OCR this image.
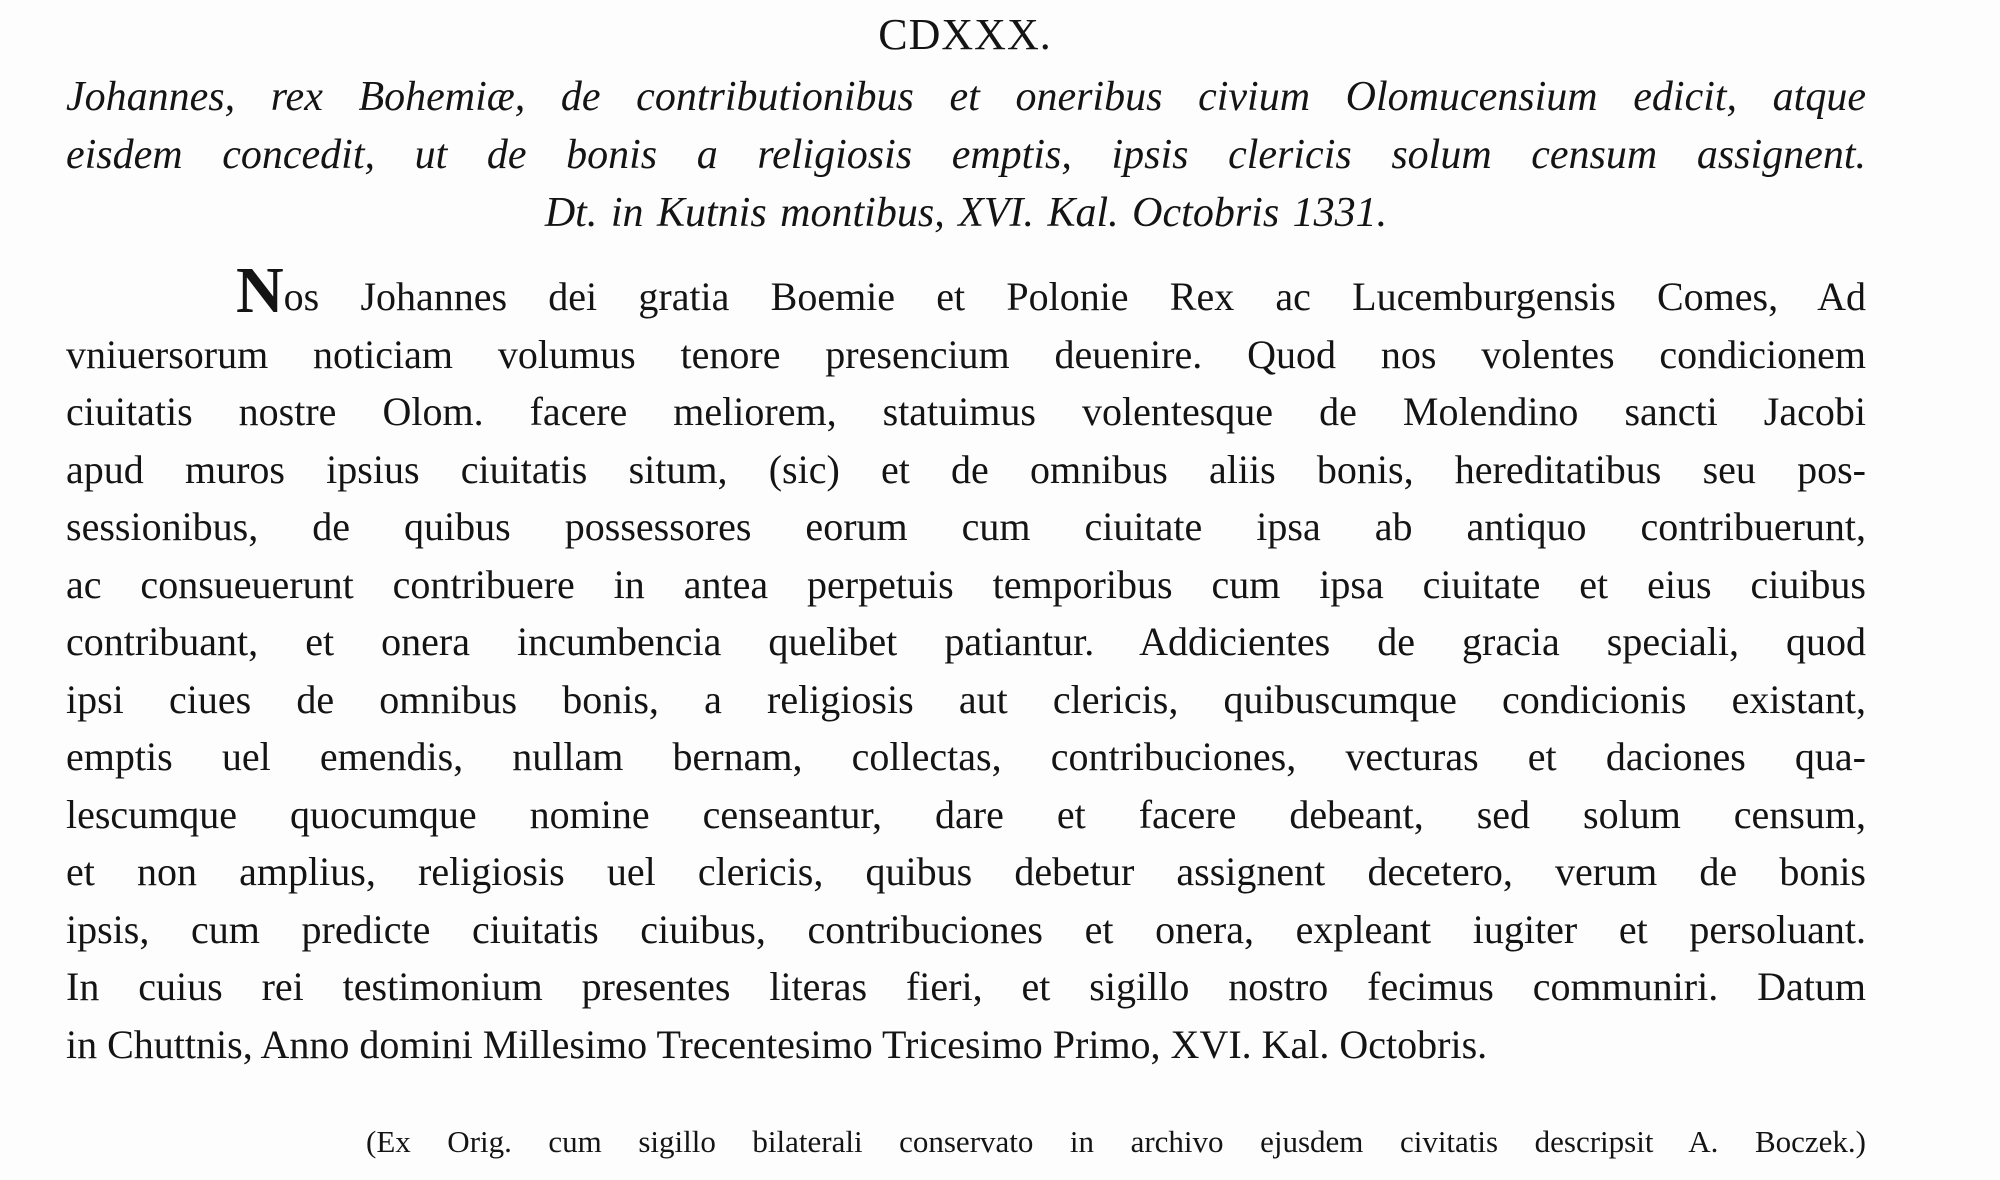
CDXXX.
Johannes, rex Bohemiæ, de contributionibus et oneribus civium Olomucensium edicit, atque
eisdem concedit, ut de bonis a religiosis emptis, ipsis clericis solum censum assignent.
Dt. in Kutnis montibus, XVI. Kal. Octobris 1331.
Nos Johannes dei gratia Boemie et Polonie Rex ac Lucemburgensis Comes, Ad
vniuersorum noticiam volumus tenore presencium deuenire. Quod nos volentes condicionem
ciuitatis nostre Olom. facere meliorem, statuimus volentesque de Molendino sancti Jacobi
apud muros ipsius ciuitatis situm, (sic) et de omnibus aliis bonis, hereditatibus seu pos-
sessionibus, de quibus possessores eorum cum ciuitate ipsa ab antiquo contribuerunt,
ac consueuerunt contribuere in antea perpetuis temporibus cum ipsa ciuitate et eius ciuibus
contribuant, et onera incumbencia quelibet patiantur. Addicientes de gracia speciali, quod
ipsi ciues de omnibus bonis, a religiosis aut clericis, quibuscumque condicionis existant,
emptis uel emendis, nullam bernam, collectas, contribuciones, vecturas et daciones qua-
lescumque quocumque nomine censeantur, dare et facere debeant, sed solum censum,
et non amplius, religiosis uel clericis, quibus debetur assignent decetero, verum de bonis
ipsis, cum predicte ciuitatis ciuibus, contribuciones et onera, expleant iugiter et persoluant.
In cuius rei testimonium presentes literas fieri, et sigillo nostro fecimus communiri. Datum
in Chuttnis, Anno domini Millesimo Trecentesimo Tricesimo Primo, XVI. Kal. Octobris.
(Ex Orig. cum sigillo bilaterali conservato in archivo ejusdem civitatis descripsit A. Boczek.)
